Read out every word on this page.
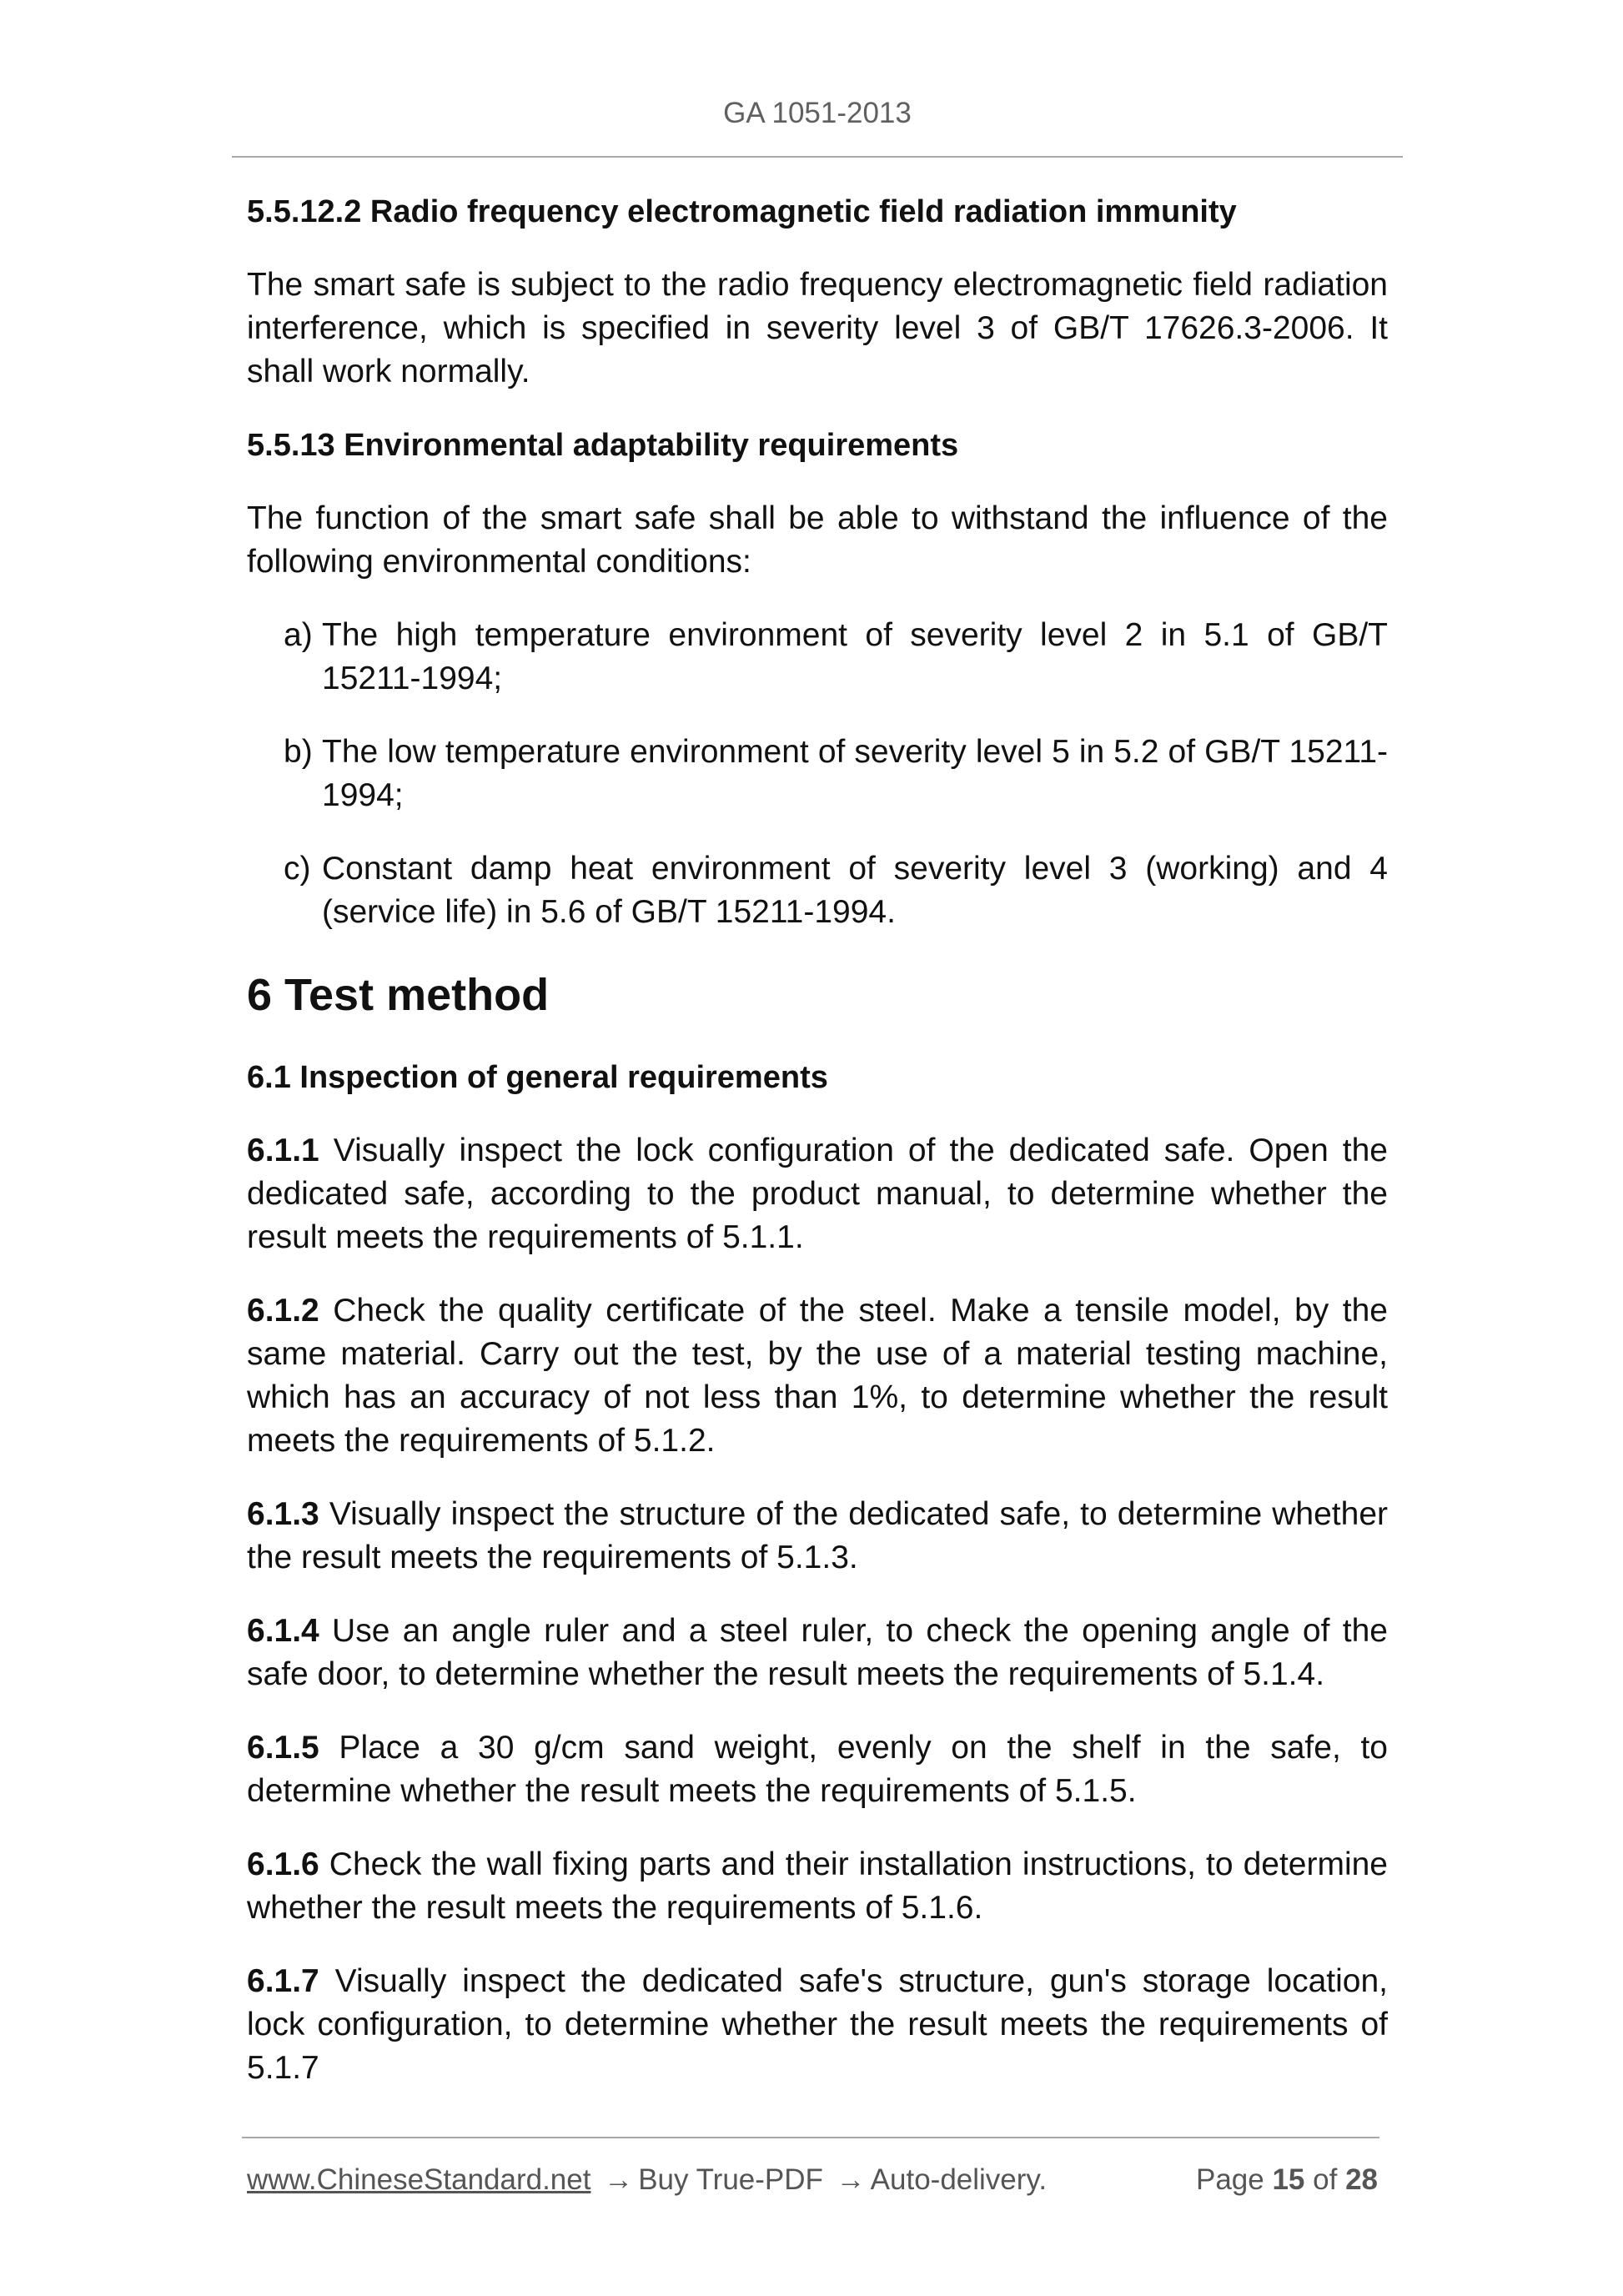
GA 1051-2013

5.5.12.2 Radio frequency electromagnetic field radiation immunity

The smart safe is subject to the radio frequency electromagnetic field radiation interference, which is specified in severity level 3 of GB/T 17626.3-2006. It shall work normally.

5.5.13 Environmental adaptability requirements

The function of the smart safe shall be able to withstand the influence of the following environmental conditions:

a) The high temperature environment of severity level 2 in 5.1 of GB/T 15211-1994;
b) The low temperature environment of severity level 5 in 5.2 of GB/T 15211-1994;
c) Constant damp heat environment of severity level 3 (working) and 4 (service life) in 5.6 of GB/T 15211-1994.

6 Test method

6.1 Inspection of general requirements

6.1.1 Visually inspect the lock configuration of the dedicated safe. Open the dedicated safe, according to the product manual, to determine whether the result meets the requirements of 5.1.1.

6.1.2 Check the quality certificate of the steel. Make a tensile model, by the same material. Carry out the test, by the use of a material testing machine, which has an accuracy of not less than 1%, to determine whether the result meets the requirements of 5.1.2.

6.1.3 Visually inspect the structure of the dedicated safe, to determine whether the result meets the requirements of 5.1.3.

6.1.4 Use an angle ruler and a steel ruler, to check the opening angle of the safe door, to determine whether the result meets the requirements of 5.1.4.

6.1.5 Place a 30 g/cm sand weight, evenly on the shelf in the safe, to determine whether the result meets the requirements of 5.1.5.

6.1.6 Check the wall fixing parts and their installation instructions, to determine whether the result meets the requirements of 5.1.6.

6.1.7 Visually inspect the dedicated safe's structure, gun's storage location, lock configuration, to determine whether the result meets the requirements of 5.1.7

www.ChineseStandard.net → Buy True-PDF → Auto-delivery.	Page 15 of 28
